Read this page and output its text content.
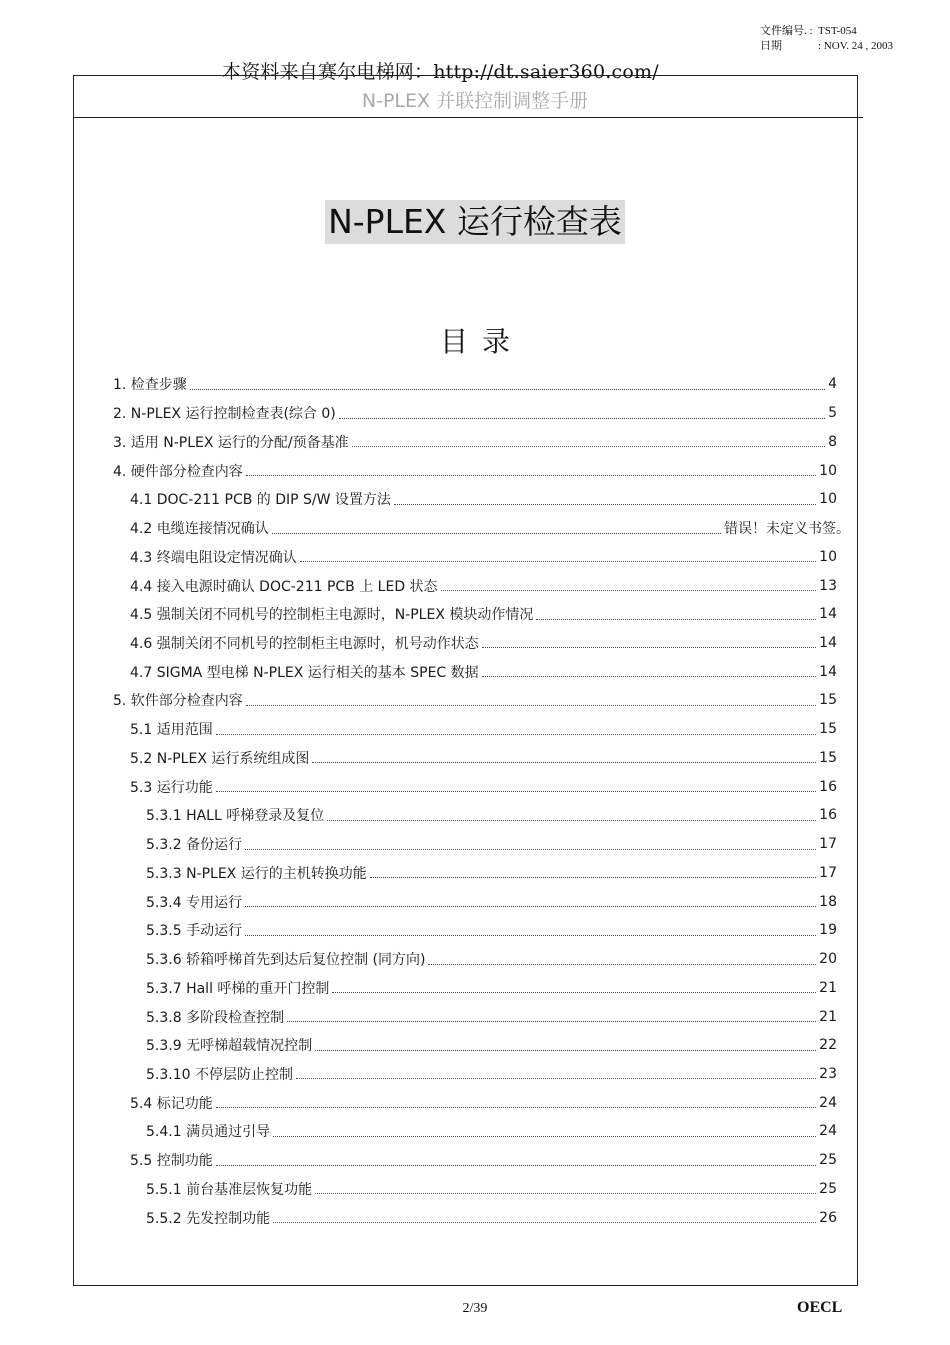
文件编号. : TST-054
日期	: NOV. 24 , 2003
本资料来自赛尔电梯网：http://dt.saier360.com/
N-PLEX 并联控制调整手册
N-PLEX 运行检查表
目录
1. 检查步骤	4
2. N-PLEX 运行控制检查表(综合 0)	5
3. 适用 N-PLEX 运行的分配/预备基准	8
4. 硬件部分检查内容	10
4.1 DOC-211 PCB 的 DIP S/W 设置方法	10
4.2 电缆连接情况确认	错误！未定义书签。
4.3 终端电阻设定情况确认	10
4.4 接入电源时确认 DOC-211 PCB 上 LED 状态	13
4.5 强制关闭不同机号的控制柜主电源时，N-PLEX 模块动作情况	14
4.6 强制关闭不同机号的控制柜主电源时，机号动作状态	14
4.7 SIGMA 型电梯 N-PLEX 运行相关的基本 SPEC 数据	14
5. 软件部分检查内容	15
5.1 适用范围	15
5.2 N-PLEX 运行系统组成图	15
5.3 运行功能	16
5.3.1 HALL 呼梯登录及复位	16
5.3.2 备份运行	17
5.3.3 N-PLEX 运行的主机转换功能	17
5.3.4 专用运行	18
5.3.5 手动运行	19
5.3.6 轿箱呼梯首先到达后复位控制 (同方向)	20
5.3.7 Hall 呼梯的重开门控制	21
5.3.8 多阶段检查控制	21
5.3.9 无呼梯超载情况控制	22
5.3.10 不停层防止控制	23
5.4 标记功能	24
5.4.1 满员通过引导	24
5.5 控制功能	25
5.5.1 前台基准层恢复功能	25
5.5.2 先发控制功能	26
2/39	OECL
